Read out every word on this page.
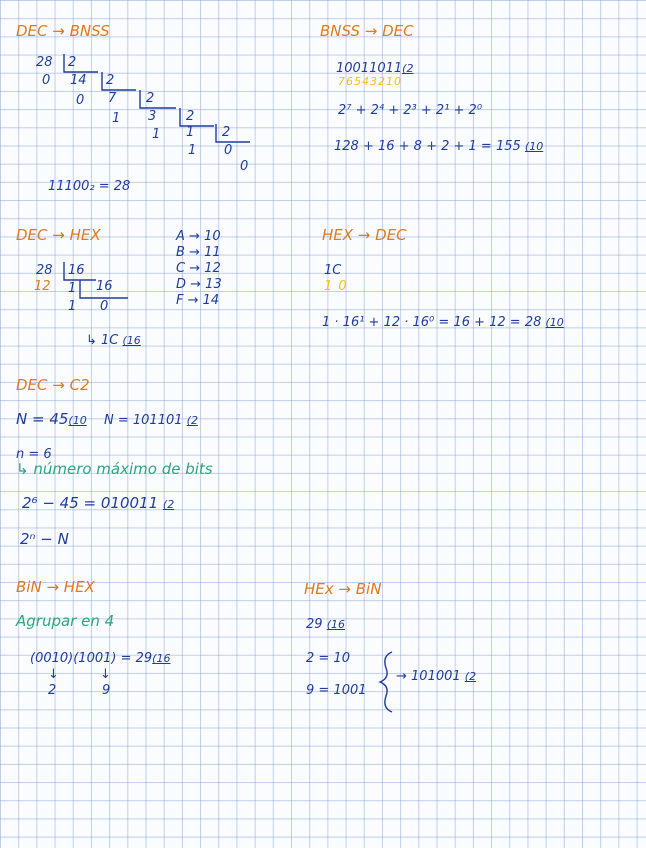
DEC → BNSS
28 2
0 14 2
0 7 2
1 3 2
1 1 2
1 0
0
11100₂ = 28
BNSS → DEC
10011011(2
76543210
2⁷ + 2⁴ + 2³ + 2¹ + 2⁰
128 + 16 + 8 + 2 + 1 = 155 (10
DEC → HEX
28 16
12 1 16
1 0
↳ 1C (16
A → 10
B → 11
C → 12
D → 13
F → 14
HEX → DEC
1C
1 0
1 · 16¹ + 12 · 16⁰ = 16 + 12 = 28 (10
DEC → C2
N = 45(10 N = 101101 (2
n = 6
↳ número máximo de bits
2⁶ − 45 = 010011 (2
2ⁿ − N
BiN → HEX
Agrupar en 4
(0010)(1001) = 29(16
↓	↓
2	9
HEx → BiN
29 (16
2 = 10
9 = 1001
→ 101001 (2
